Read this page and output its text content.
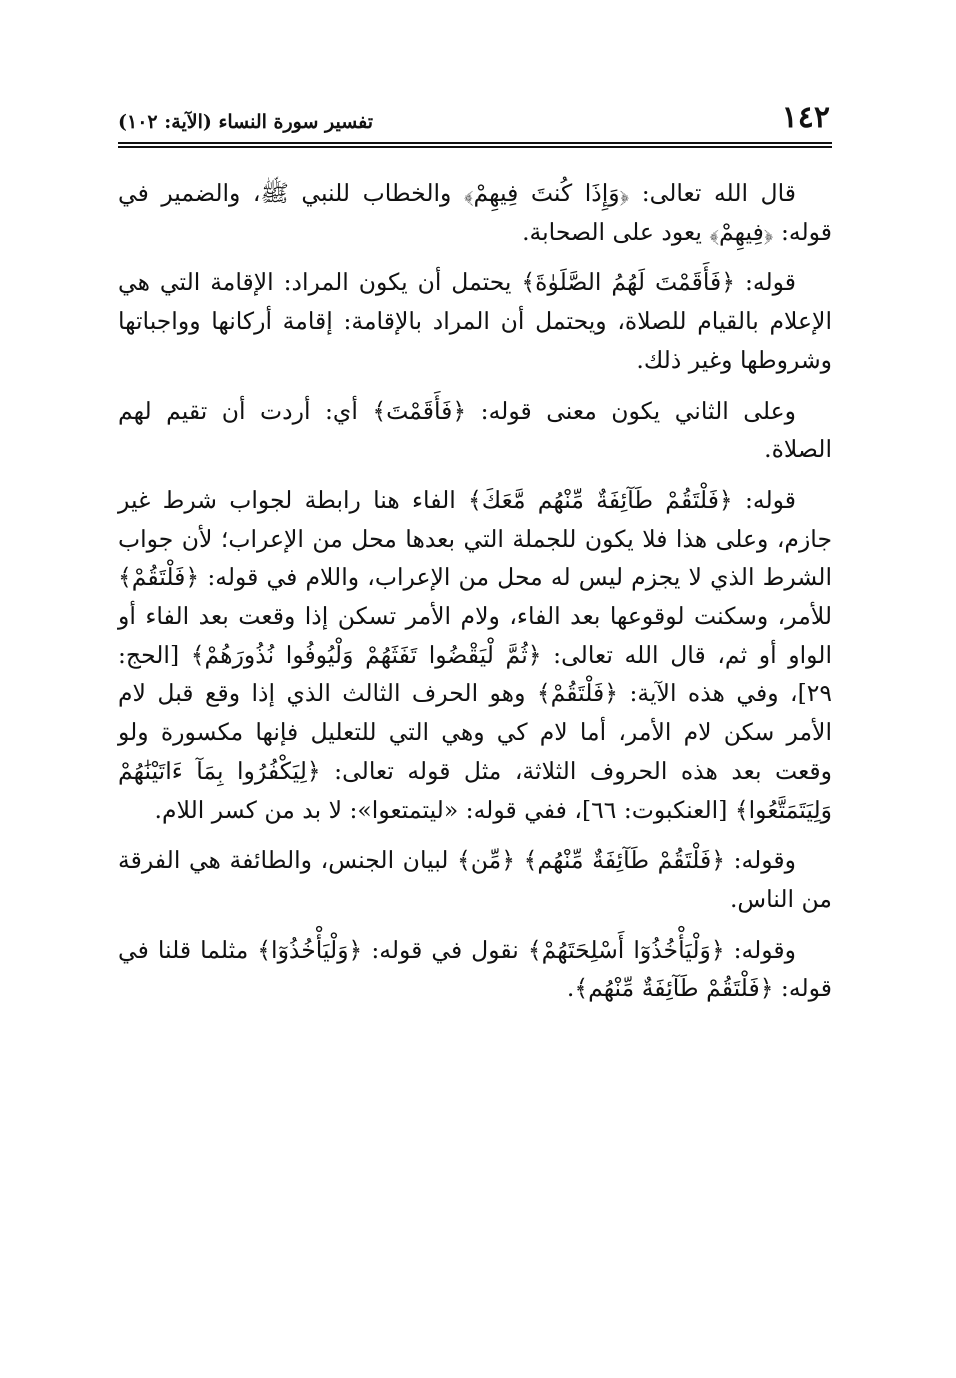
١٤٢
تفسير سورة النساء (الآية: ١٠٢)

قال الله تعالى: ﴿وَإِذَا كُنتَ فِيهِمْ﴾ والخطاب للنبي ﷺ، والضمير في قوله: ﴿فِيهِمْ﴾ يعود على الصحابة.

قوله: ﴿فَأَقَمْتَ لَهُمُ الصَّلَوٰةَ﴾ يحتمل أن يكون المراد: الإقامة التي هي الإعلام بالقيام للصلاة، ويحتمل أن المراد بالإقامة: إقامة أركانها وواجباتها وشروطها وغير ذلك.

وعلى الثاني يكون معنى قوله: ﴿فَأَقَمْتَ﴾ أي: أردت أن تقيم لهم الصلاة.

قوله: ﴿فَلْتَقُمْ طَآئِفَةٌ مِّنْهُم مَّعَكَ﴾ الفاء هنا رابطة لجواب شرط غير جازم، وعلى هذا فلا يكون للجملة التي بعدها محل من الإعراب؛ لأن جواب الشرط الذي لا يجزم ليس له محل من الإعراب، واللام في قوله: ﴿فَلْتَقُمْ﴾ للأمر، وسكنت لوقوعها بعد الفاء، ولام الأمر تسكن إذا وقعت بعد الفاء أو الواو أو ثم، قال الله تعالى: ﴿ثُمَّ لْيَقْضُوا تَفَثَهُمْ وَلْيُوفُوا نُذُورَهُمْ﴾ [الحج: ٢٩]، وفي هذه الآية: ﴿فَلْتَقُمْ﴾ وهو الحرف الثالث الذي إذا وقع قبل لام الأمر سكن لام الأمر، أما لام كي وهي التي للتعليل فإنها مكسورة ولو وقعت بعد هذه الحروف الثلاثة، مثل قوله تعالى: ﴿لِيَكْفُرُوا بِمَآ ءَاتَيْنَٰهُمْ وَلِيَتَمَتَّعُوا﴾ [العنكبوت: ٦٦]، ففي قوله: «ليتمتعوا»: لا بد من كسر اللام.

وقوله: ﴿فَلْتَقُمْ طَآئِفَةٌ مِّنْهُم﴾ ﴿مِّن﴾ لبيان الجنس، والطائفة هي الفرقة من الناس.

وقوله: ﴿وَلْيَأْخُذُوٓا أَسْلِحَتَهُمْ﴾ نقول في قوله: ﴿وَلْيَأْخُذُوٓا﴾ مثلما قلنا في قوله: ﴿فَلْتَقُمْ طَآئِفَةٌ مِّنْهُم﴾.
